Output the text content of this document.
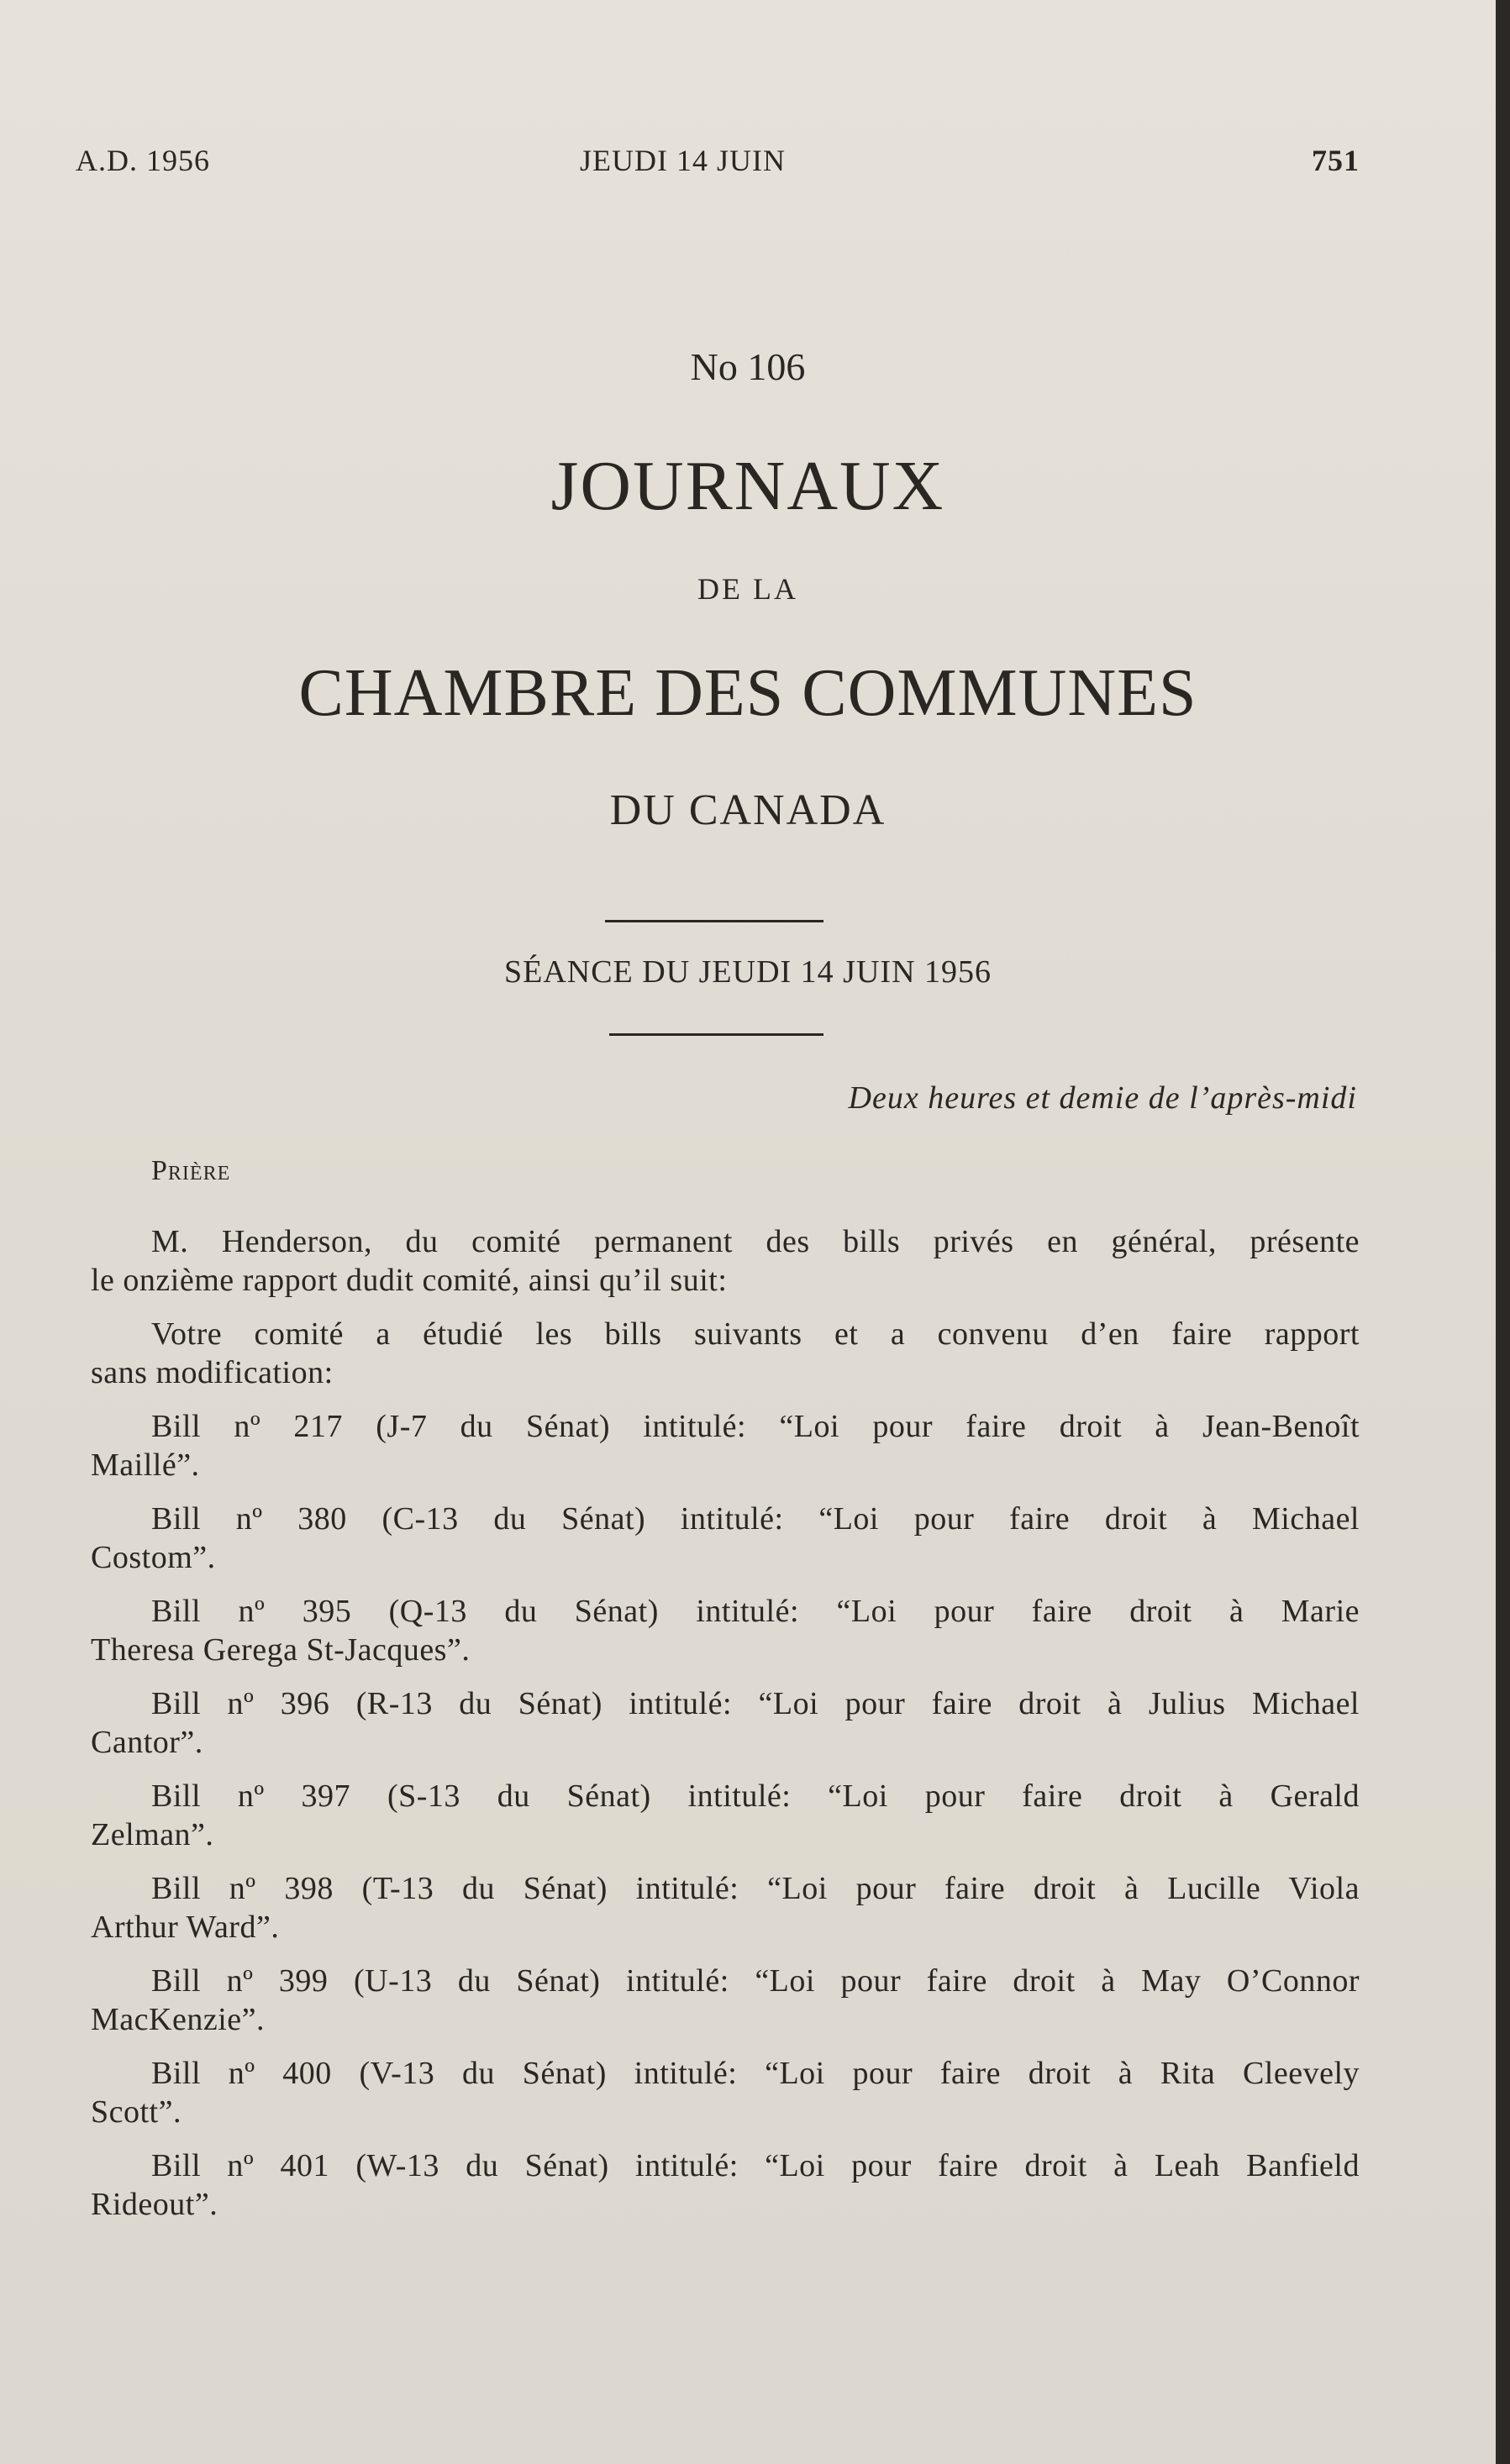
A.D. 1956	JEUDI 14 JUIN	751
No 106
JOURNAUX
DE LA
CHAMBRE DES COMMUNES
DU CANADA
SÉANCE DU JEUDI 14 JUIN 1956
Deux heures et demie de l’après-midi
Prière
M. Henderson, du comité permanent des bills privés en général, présente
le onzième rapport dudit comité, ainsi qu’il suit:
Votre comité a étudié les bills suivants et a convenu d’en faire rapport
sans modification:
Bill nº 217 (J-7 du Sénat) intitulé: “Loi pour faire droit à Jean-Benoît
Maillé”.
Bill nº 380 (C-13 du Sénat) intitulé: “Loi pour faire droit à Michael
Costom”.
Bill nº 395 (Q-13 du Sénat) intitulé: “Loi pour faire droit à Marie
Theresa Gerega St-Jacques”.
Bill nº 396 (R-13 du Sénat) intitulé: “Loi pour faire droit à Julius Michael
Cantor”.
Bill nº 397 (S-13 du Sénat) intitulé: “Loi pour faire droit à Gerald
Zelman”.
Bill nº 398 (T-13 du Sénat) intitulé: “Loi pour faire droit à Lucille Viola
Arthur Ward”.
Bill nº 399 (U-13 du Sénat) intitulé: “Loi pour faire droit à May O’Connor
MacKenzie”.
Bill nº 400 (V-13 du Sénat) intitulé: “Loi pour faire droit à Rita Cleevely
Scott”.
Bill nº 401 (W-13 du Sénat) intitulé: “Loi pour faire droit à Leah Banfield
Rideout”.
